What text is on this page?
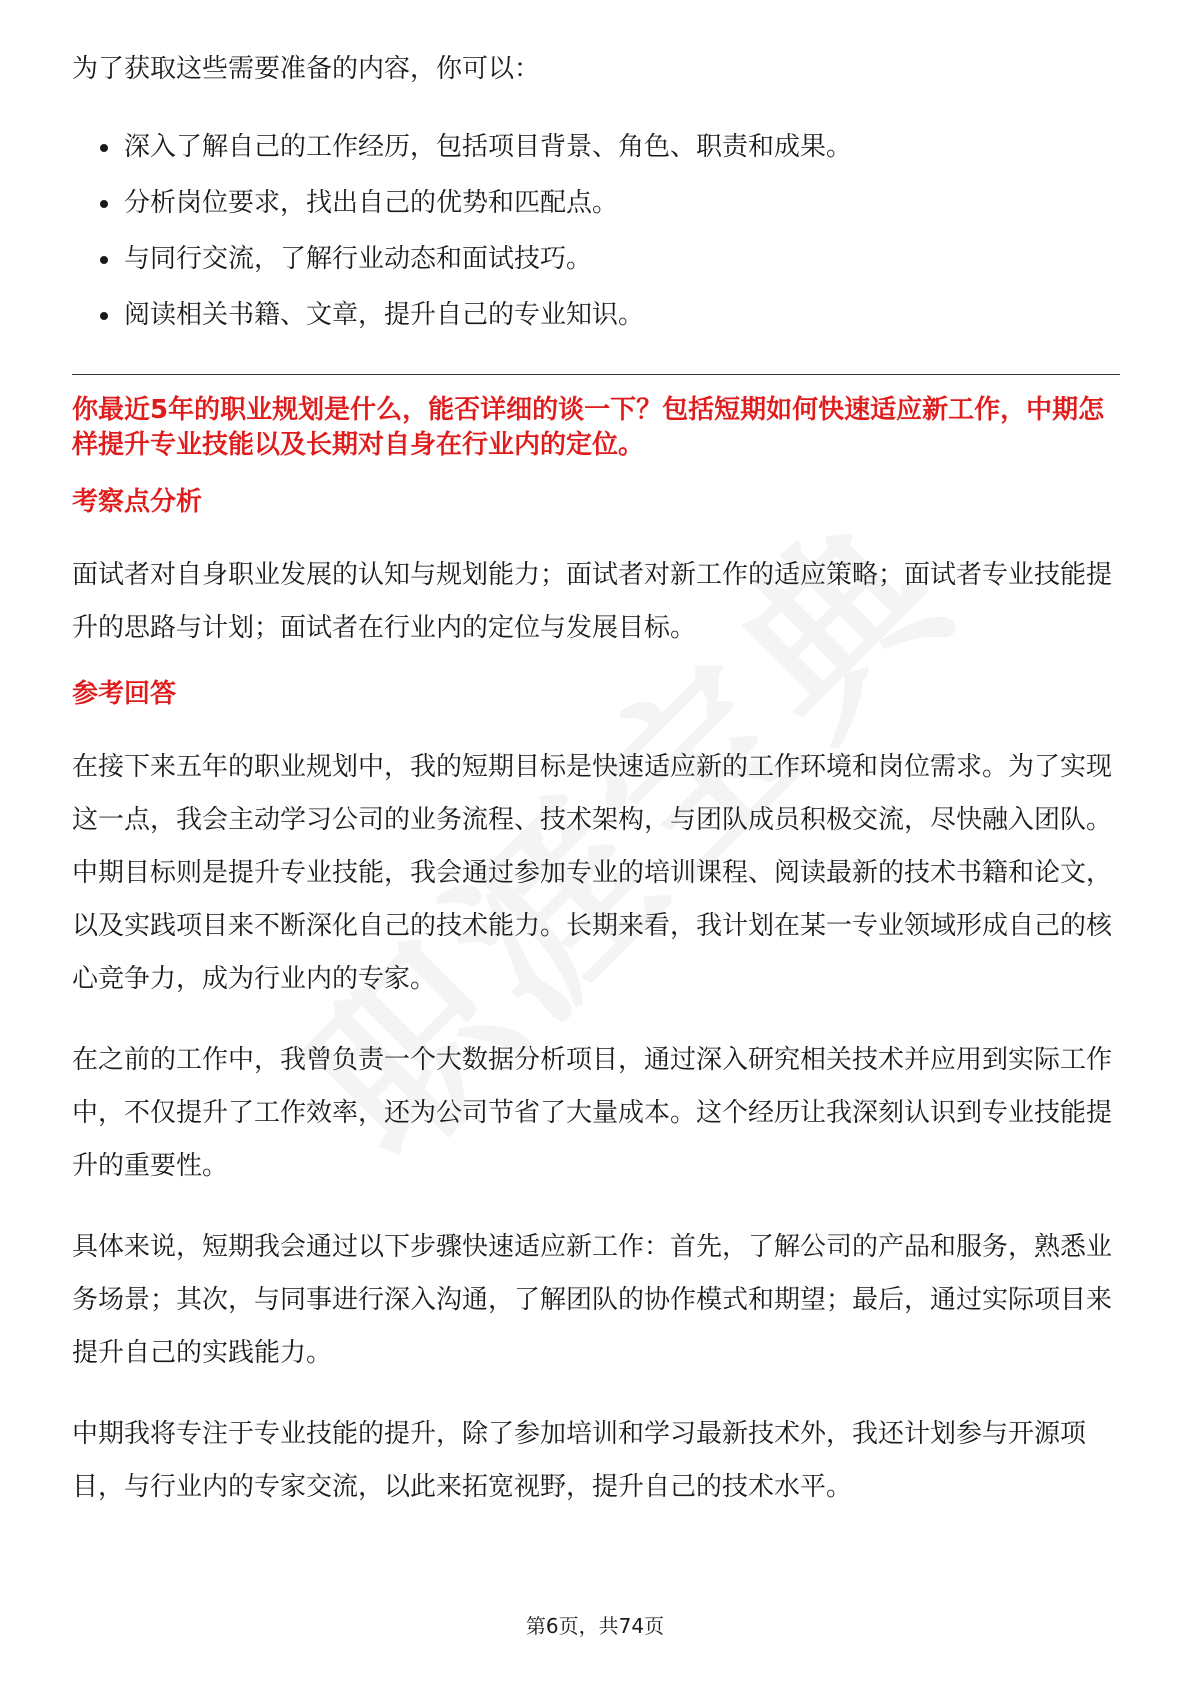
为了获取这些需要准备的内容，你可以：

深入了解自己的工作经历，包括项目背景、角色、职责和成果。
分析岗位要求，找出自己的优势和匹配点。
与同行交流，了解行业动态和面试技巧。
阅读相关书籍、文章，提升自己的专业知识。
你最近5年的职业规划是什么，能否详细的谈一下？包括短期如何快速适应新工作，中期怎样提升专业技能以及长期对自身在行业内的定位。
考察点分析

面试者对自身职业发展的认知与规划能力；面试者对新工作的适应策略；面试者专业技能提升的思路与计划；面试者在行业内的定位与发展目标。

参考回答

在接下来五年的职业规划中，我的短期目标是快速适应新的工作环境和岗位需求。为了实现这一点，我会主动学习公司的业务流程、技术架构，与团队成员积极交流，尽快融入团队。中期目标则是提升专业技能，我会通过参加专业的培训课程、阅读最新的技术书籍和论文，以及实践项目来不断深化自己的技术能力。长期来看，我计划在某一专业领域形成自己的核心竞争力，成为行业内的专家。

在之前的工作中，我曾负责一个大数据分析项目，通过深入研究相关技术并应用到实际工作中，不仅提升了工作效率，还为公司节省了大量成本。这个经历让我深刻认识到专业技能提升的重要性。

具体来说，短期我会通过以下步骤快速适应新工作：首先，了解公司的产品和服务，熟悉业务场景；其次，与同事进行深入沟通，了解团队的协作模式和期望；最后，通过实际项目来提升自己的实践能力。

中期我将专注于专业技能的提升，除了参加培训和学习最新技术外，我还计划参与开源项目，与行业内的专家交流，以此来拓宽视野，提升自己的技术水平。

第6页，共74页
